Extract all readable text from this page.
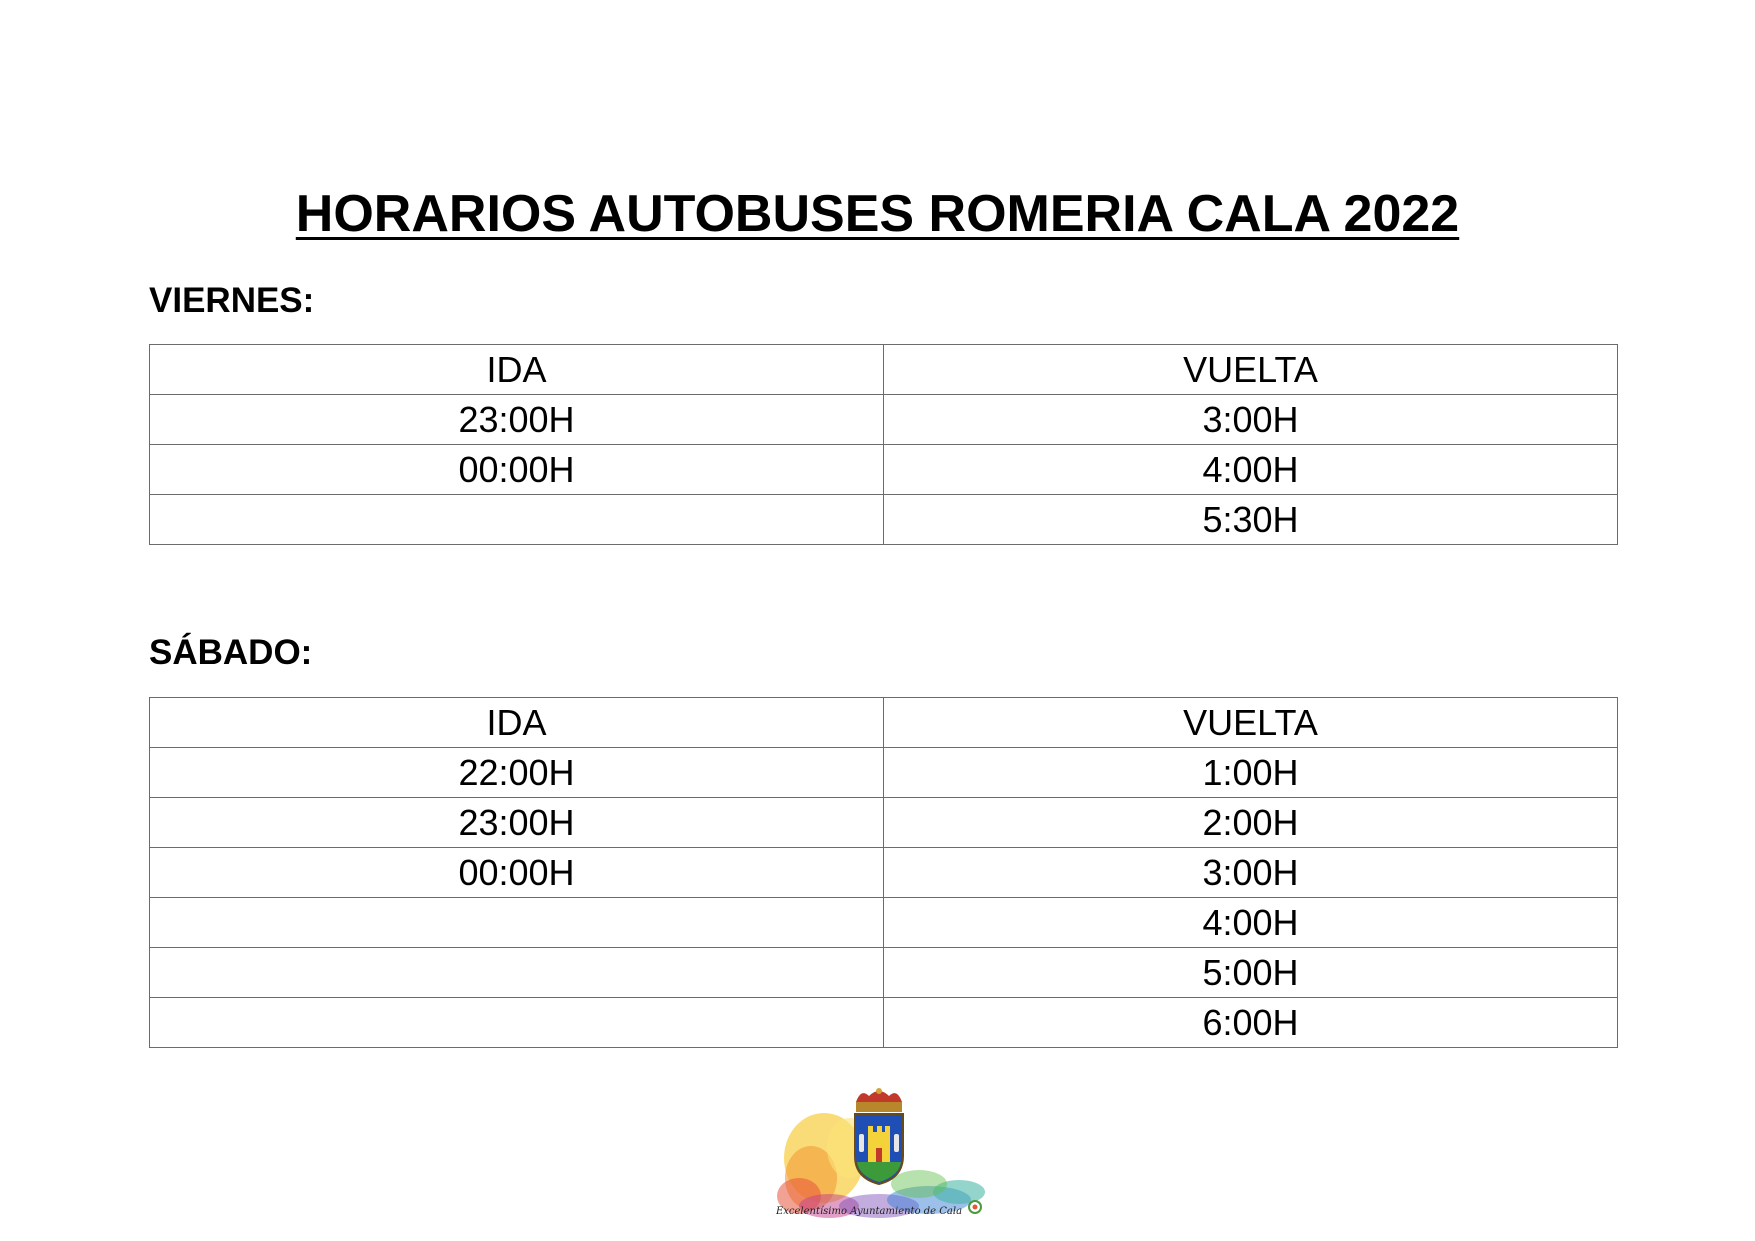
HORARIOS AUTOBUSES ROMERIA CALA 2022
VIERNES:
IDA	VUELTA
23:00H	3:00H
00:00H	4:00H
	5:30H
SÁBADO:
IDA	VUELTA
22:00H	1:00H
23:00H	2:00H
00:00H	3:00H
	4:00H
	5:00H
	6:00H
Excelentísimo Ayuntamiento de Cala
